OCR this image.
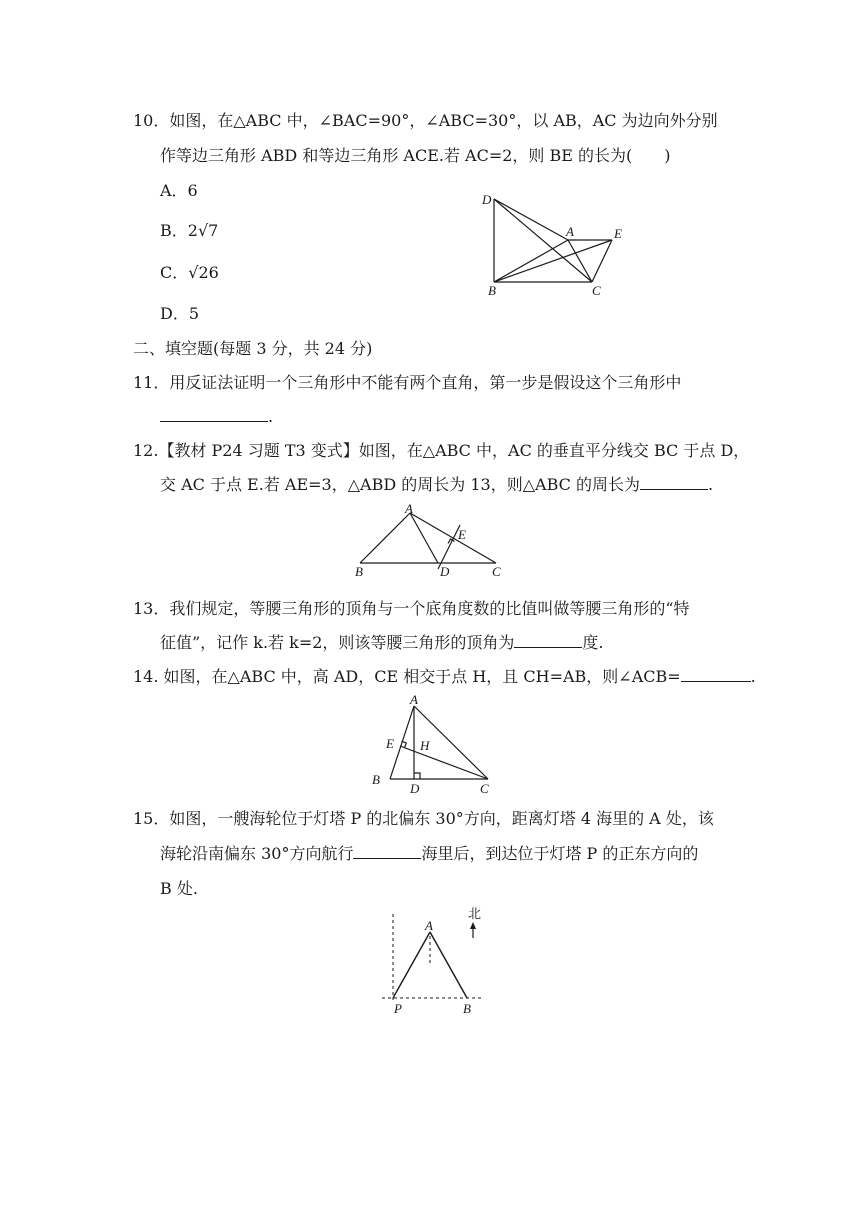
10．如图，在△ABC 中，∠BAC=90°，∠ABC=30°，以 AB，AC 为边向外分别
作等边三角形 ABD 和等边三角形 ACE.若 AC=2，则 BE 的长为(　　)
A．6
B．2√7
C．√26
D．5
D
A	E
B	C
二、填空题(每题 3 分，共 24 分)
11．用反证法证明一个三角形中不能有两个直角，第一步是假设这个三角形中
.
12.【教材 P24 习题 T3 变式】如图，在△ABC 中，AC 的垂直平分线交 BC 于点 D，
交 AC 于点 E.若 AE=3，△ABD 的周长为 13，则△ABC 的周长为	.
A
E
B	D	C
13．我们规定，等腰三角形的顶角与一个底角度数的比值叫做等腰三角形的“特
征值”，记作 k.若 k=2，则该等腰三角形的顶角为	度.
14. 如图，在△ABC 中，高 AD，CE 相交于点 H，且 CH=AB，则∠ACB=	.
A
E H
B
D	C
15．如图，一艘海轮位于灯塔 P 的北偏东 30°方向，距离灯塔 4 海里的 A 处，该
海轮沿南偏东 30°方向航行	海里后，到达位于灯塔 P 的正东方向的
B 处.
A
北
P	B
